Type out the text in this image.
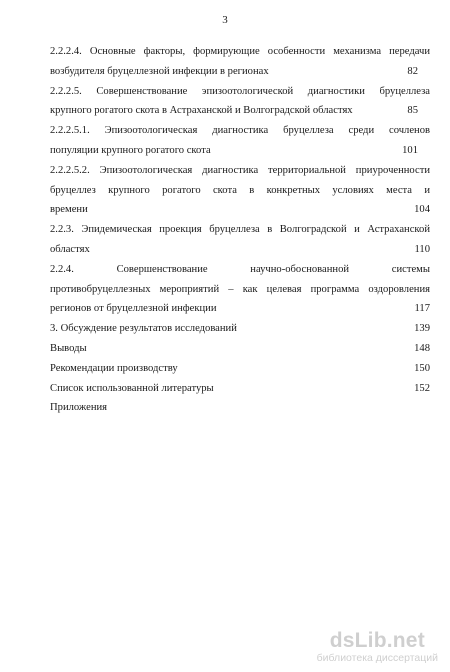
3
2.2.2.4. Основные факторы, формирующие особенности механизма передачи
возбудителя бруцеллезной инфекции в регионах	82
2.2.2.5. Совершенствование эпизоотологической диагностики бруцеллеза
крупного рогатого скота в Астраханской и Волгоградской областях	85
2.2.2.5.1. Эпизоотологическая диагностика бруцеллеза среди сочленов
популяции крупного рогатого скота	101
2.2.2.5.2. Эпизоотологическая диагностика территориальной приуроченности
бруцеллез крупного рогатого скота в конкретных условиях места и
времени	104
2.2.3. Эпидемическая проекция бруцеллеза в Волгоградской и Астраханской
областях	110
2.2.4. Совершенствование научно-обоснованной системы
противобруцеллезных мероприятий – как целевая программа оздоровления
регионов от бруцеллезной инфекции	117
3. Обсуждение результатов исследований	139
Выводы	148
Рекомендации производству	150
Список использованной литературы	152
Приложения
dsLib.net
библиотека диссертаций
